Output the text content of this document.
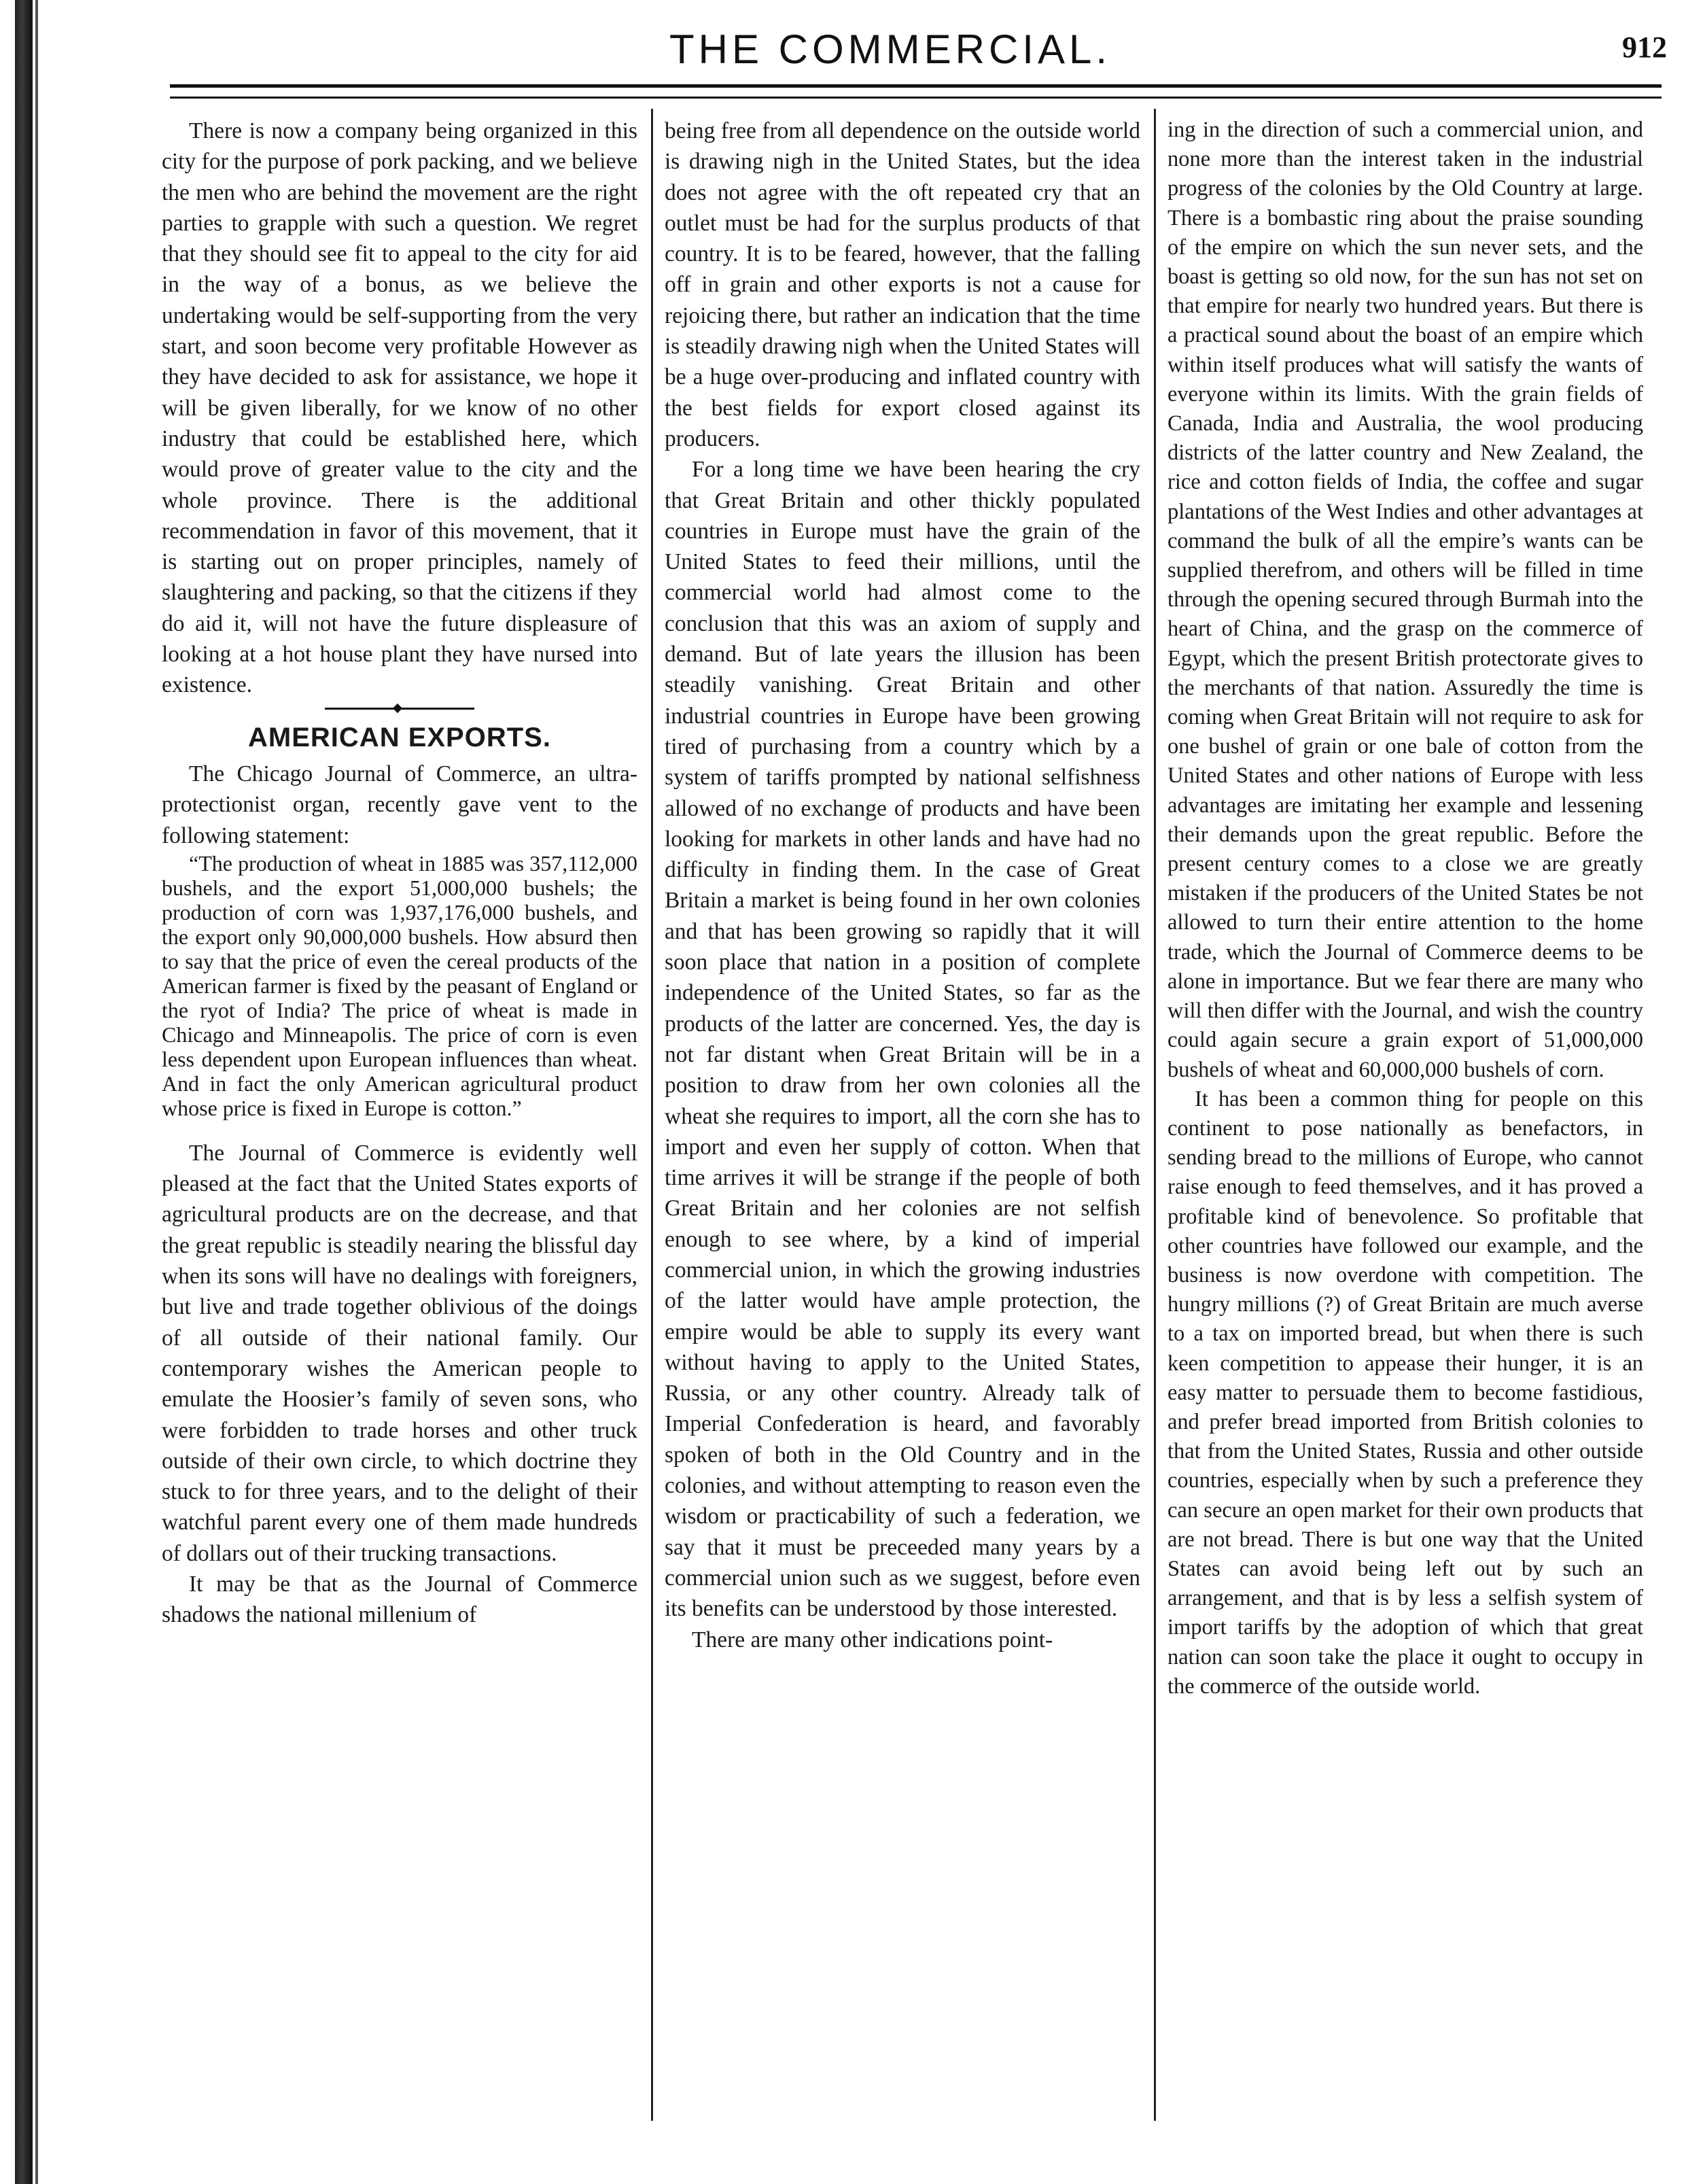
THE COMMERCIAL.	912

There is now a company being organized in this city for the purpose of pork packing, and we believe the men who are behind the movement are the right parties to grapple with such a question. We regret that they should see fit to appeal to the city for aid in the way of a bonus, as we believe the undertaking would be self-supporting from the very start, and soon become very profitable However as they have decided to ask for assistance, we hope it will be given liberally, for we know of no other industry that could be established here, which would prove of greater value to the city and the whole province. There is the additional recommendation in favor of this movement, that it is starting out on proper principles, namely of slaughtering and packing, so that the citizens if they do aid it, will not have the future displeasure of looking at a hot house plant they have nursed into existence.

AMERICAN EXPORTS.

The Chicago Journal of Commerce, an ultra-protectionist organ, recently gave vent to the following statement:

“The production of wheat in 1885 was 357,112,000 bushels, and the export 51,000,000 bushels; the production of corn was 1,937,176,000 bushels, and the export only 90,000,000 bushels. How absurd then to say that the price of even the cereal products of the American farmer is fixed by the peasant of England or the ryot of India? The price of wheat is made in Chicago and Minneapolis. The price of corn is even less dependent upon European influences than wheat. And in fact the only American agricultural product whose price is fixed in Europe is cotton.”

The Journal of Commerce is evidently well pleased at the fact that the United States exports of agricultural products are on the decrease, and that the great republic is steadily nearing the blissful day when its sons will have no dealings with foreigners, but live and trade together oblivious of the doings of all outside of their national family. Our contemporary wishes the American people to emulate the Hoosier’s family of seven sons, who were forbidden to trade horses and other truck outside of their own circle, to which doctrine they stuck to for three years, and to the delight of their watchful parent every one of them made hundreds of dollars out of their trucking transactions.

It may be that as the Journal of Commerce shadows the national millenium of

being free from all dependence on the outside world is drawing nigh in the United States, but the idea does not agree with the oft repeated cry that an outlet must be had for the surplus products of that country. It is to be feared, however, that the falling off in grain and other exports is not a cause for rejoicing there, but rather an indication that the time is steadily drawing nigh when the United States will be a huge over-producing and inflated country with the best fields for export closed against its producers.

For a long time we have been hearing the cry that Great Britain and other thickly populated countries in Europe must have the grain of the United States to feed their millions, until the commercial world had almost come to the conclusion that this was an axiom of supply and demand. But of late years the illusion has been steadily vanishing. Great Britain and other industrial countries in Europe have been growing tired of purchasing from a country which by a system of tariffs prompted by national selfishness allowed of no exchange of products and have been looking for markets in other lands and have had no difficulty in finding them. In the case of Great Britain a market is being found in her own colonies and that has been growing so rapidly that it will soon place that nation in a position of complete independence of the United States, so far as the products of the latter are concerned. Yes, the day is not far distant when Great Britain will be in a position to draw from her own colonies all the wheat she requires to import, all the corn she has to import and even her supply of cotton. When that time arrives it will be strange if the people of both Great Britain and her colonies are not selfish enough to see where, by a kind of imperial commercial union, in which the growing industries of the latter would have ample protection, the empire would be able to supply its every want without having to apply to the United States, Russia, or any other country. Already talk of Imperial Confederation is heard, and favorably spoken of both in the Old Country and in the colonies, and without attempting to reason even the wisdom or practicability of such a federation, we say that it must be preceeded many years by a commercial union such as we suggest, before even its benefits can be understood by those interested.

There are many other indications point-

ing in the direction of such a commercial union, and none more than the interest taken in the industrial progress of the colonies by the Old Country at large. There is a bombastic ring about the praise sounding of the empire on which the sun never sets, and the boast is getting so old now, for the sun has not set on that empire for nearly two hundred years. But there is a practical sound about the boast of an empire which within itself produces what will satisfy the wants of everyone within its limits. With the grain fields of Canada, India and Australia, the wool producing districts of the latter country and New Zealand, the rice and cotton fields of India, the coffee and sugar plantations of the West Indies and other advantages at command the bulk of all the empire’s wants can be supplied therefrom, and others will be filled in time through the opening secured through Burmah into the heart of China, and the grasp on the commerce of Egypt, which the present British protectorate gives to the merchants of that nation. Assuredly the time is coming when Great Britain will not require to ask for one bushel of grain or one bale of cotton from the United States and other nations of Europe with less advantages are imitating her example and lessening their demands upon the great republic. Before the present century comes to a close we are greatly mistaken if the producers of the United States be not allowed to turn their entire attention to the home trade, which the Journal of Commerce deems to be alone in importance. But we fear there are many who will then differ with the Journal, and wish the country could again secure a grain export of 51,000,000 bushels of wheat and 60,000,000 bushels of corn.

It has been a common thing for people on this continent to pose nationally as benefactors, in sending bread to the millions of Europe, who cannot raise enough to feed themselves, and it has proved a profitable kind of benevolence. So profitable that other countries have followed our example, and the business is now overdone with competition. The hungry millions (?) of Great Britain are much averse to a tax on imported bread, but when there is such keen competition to appease their hunger, it is an easy matter to persuade them to become fastidious, and prefer bread imported from British colonies to that from the United States, Russia and other outside countries, especially when by such a preference they can secure an open market for their own products that are not bread. There is but one way that the United States can avoid being left out by such an arrangement, and that is by less a selfish system of import tariffs by the adoption of which that great nation can soon take the place it ought to occupy in the commerce of the outside world.
